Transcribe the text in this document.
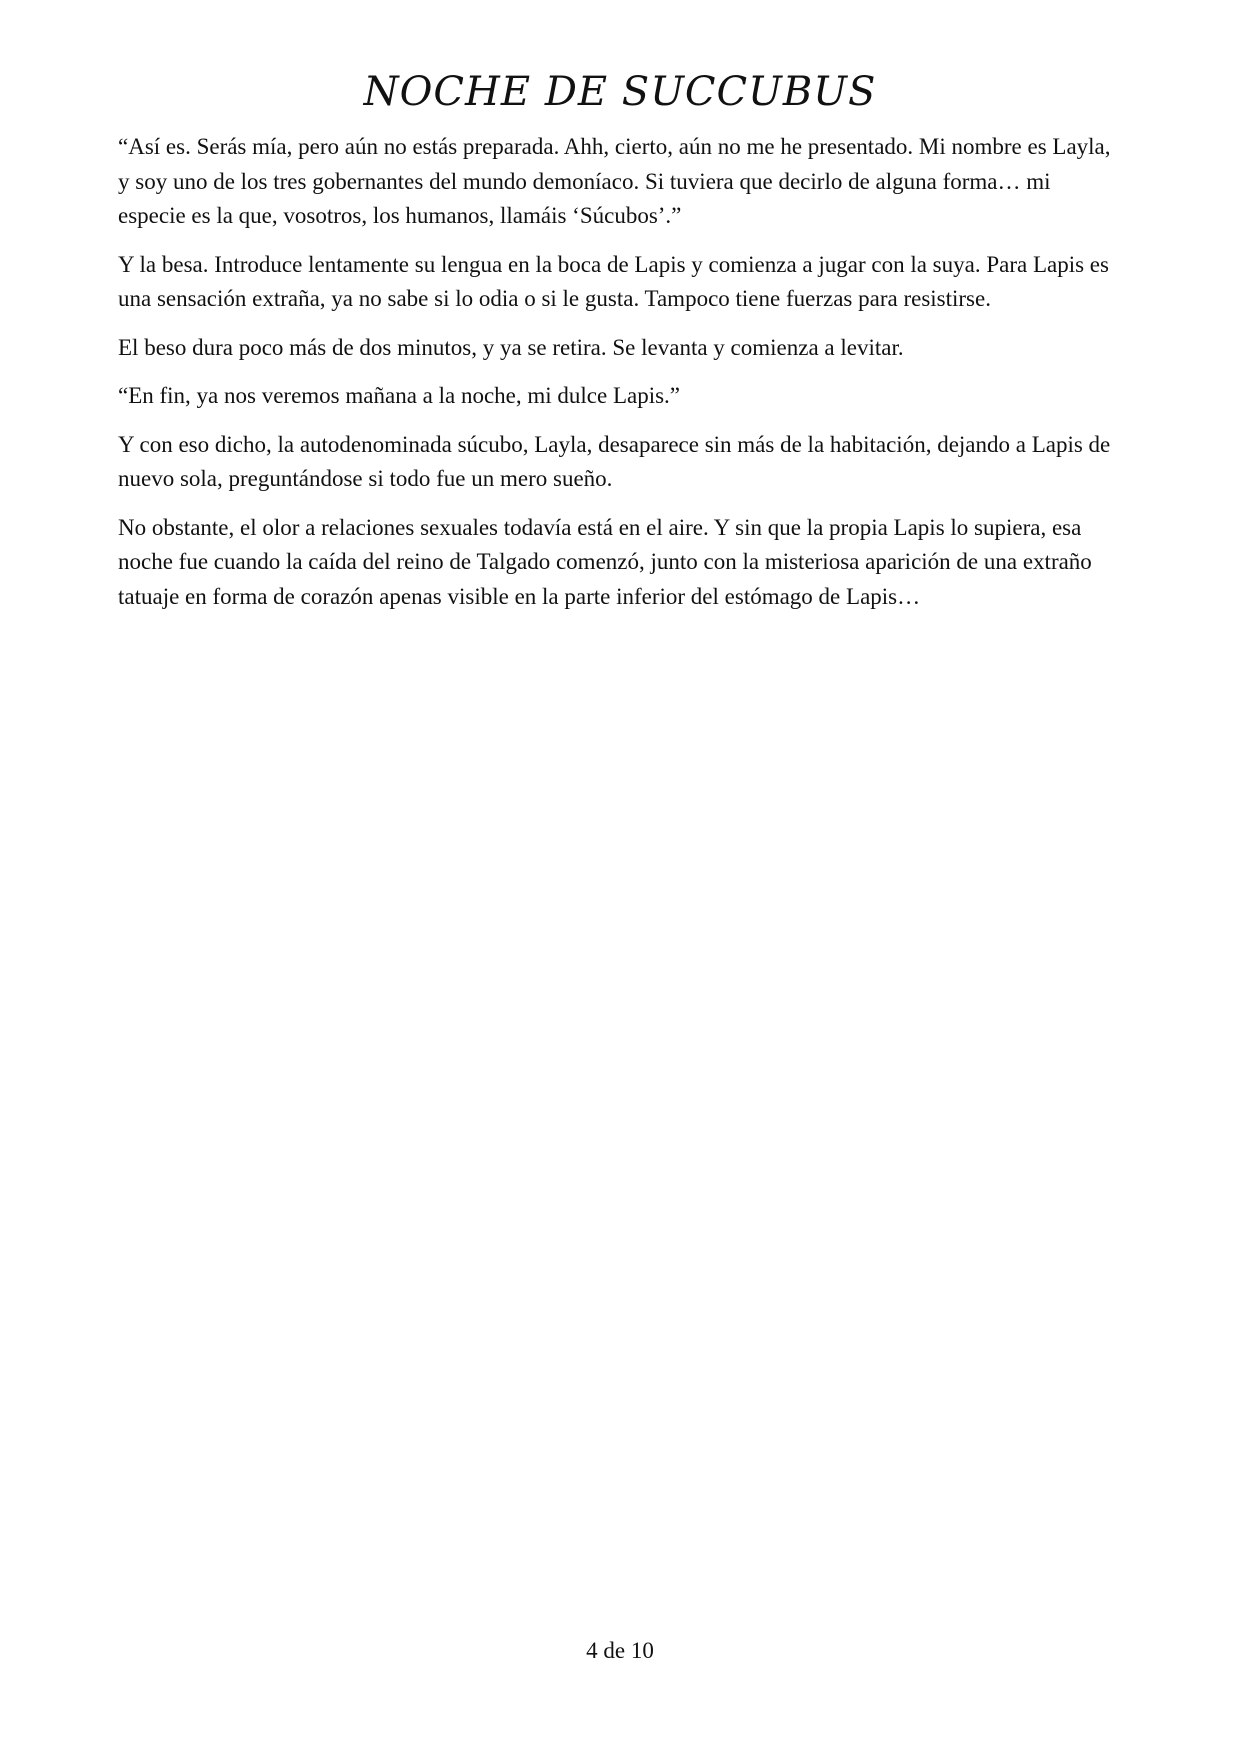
NOCHE DE SUCCUBUS

“Así es. Serás mía, pero aún no estás preparada. Ahh, cierto, aún no me he presentado. Mi nombre es Layla, y soy uno de los tres gobernantes del mundo demoníaco. Si tuviera que decirlo de alguna forma… mi especie es la que, vosotros, los humanos, llamáis ‘Súcubos’.”

Y la besa. Introduce lentamente su lengua en la boca de Lapis y comienza a jugar con la suya. Para Lapis es una sensación extraña, ya no sabe si lo odia o si le gusta. Tampoco tiene fuerzas para resistirse.

El beso dura poco más de dos minutos, y ya se retira. Se levanta y comienza a levitar.

“En fin, ya nos veremos mañana a la noche, mi dulce Lapis.”

Y con eso dicho, la autodenominada súcubo, Layla, desaparece sin más de la habitación, dejando a Lapis de nuevo sola, preguntándose si todo fue un mero sueño.

No obstante, el olor a relaciones sexuales todavía está en el aire. Y sin que la propia Lapis lo supiera, esa noche fue cuando la caída del reino de Talgado comenzó, junto con la misteriosa aparición de una extraño tatuaje en forma de corazón apenas visible en la parte inferior del estómago de Lapis…

4 de 10
